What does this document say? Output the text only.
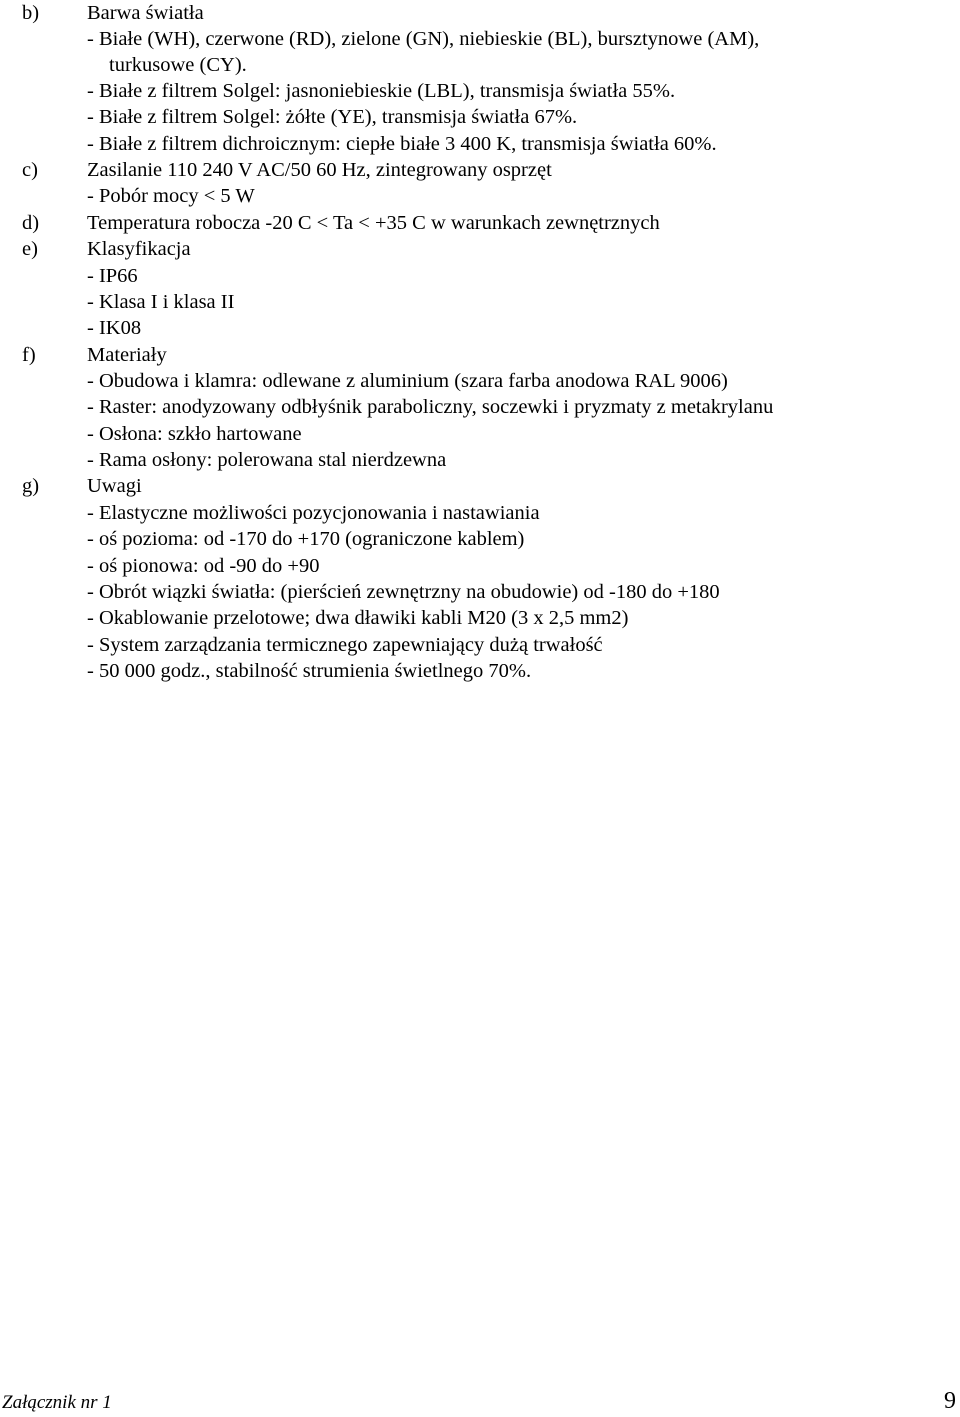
b) Barwa światła
- Białe (WH), czerwone (RD), zielone (GN), niebieskie (BL), bursztynowe (AM),
turkusowe (CY).
- Białe z filtrem Solgel: jasnoniebieskie (LBL), transmisja światła 55%.
- Białe z filtrem Solgel: żółte (YE), transmisja światła 67%.
- Białe z filtrem dichroicznym: ciepłe białe 3 400 K, transmisja światła 60%.
c) Zasilanie 110 240 V AC/50 60 Hz, zintegrowany osprzęt
- Pobór mocy < 5 W
d) Temperatura robocza -20 C < Ta < +35 C w warunkach zewnętrznych
e) Klasyfikacja
- IP66
- Klasa I i klasa II
- IK08
f)	Materiały
- Obudowa i klamra: odlewane z aluminium (szara farba anodowa RAL 9006)
- Raster: anodyzowany odbłyśnik paraboliczny, soczewki i pryzmaty z metakrylanu
- Osłona: szkło hartowane
- Rama osłony: polerowana stal nierdzewna
g) Uwagi
- Elastyczne możliwości pozycjonowania i nastawiania
- oś pozioma: od -170 do +170 (ograniczone kablem)
- oś pionowa: od -90 do +90
- Obrót wiązki światła: (pierścień zewnętrzny na obudowie) od -180 do +180
- Okablowanie przelotowe; dwa dławiki kabli M20 (3 x 2,5 mm2)
- System zarządzania termicznego zapewniający dużą trwałość
- 50 000 godz., stabilność strumienia świetlnego 70%.
Załącznik nr 1	9
